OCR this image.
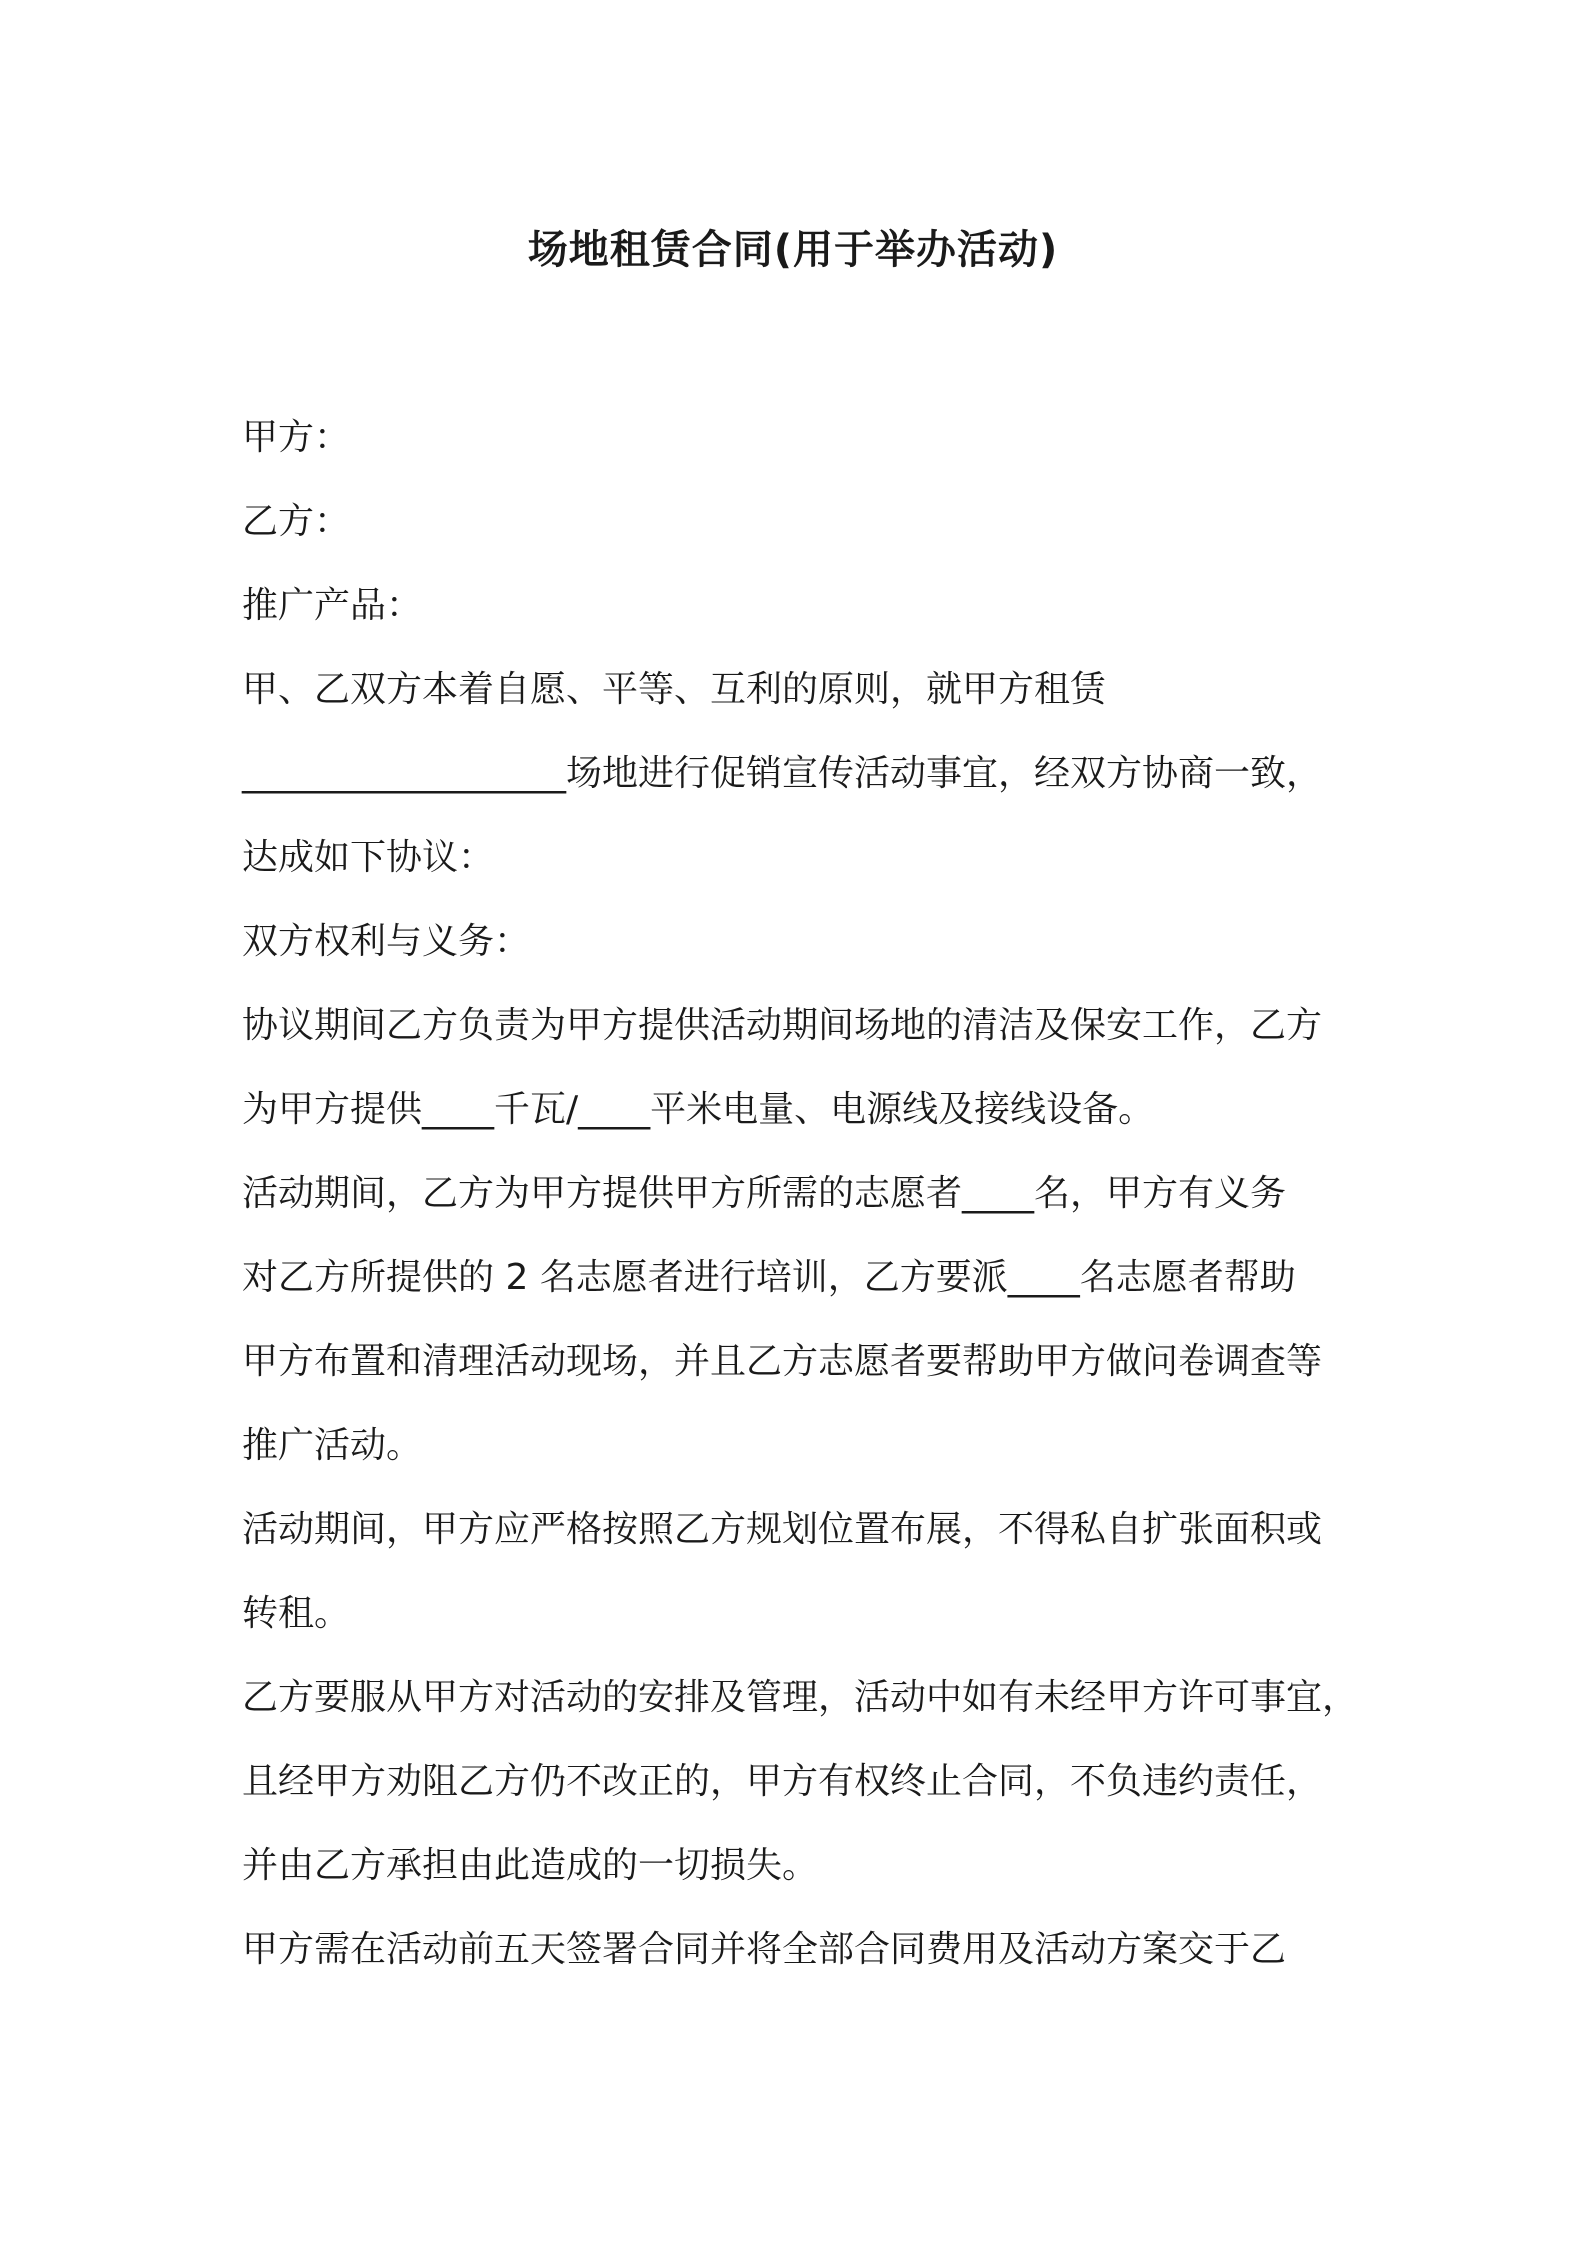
场地租赁合同(用于举办活动)

甲方：

乙方：

推广产品：

甲、乙双方本着自愿、平等、互利的原则，就甲方租赁

__________________场地进行促销宣传活动事宜，经双方协商一致，

达成如下协议：

双方权利与义务：

协议期间乙方负责为甲方提供活动期间场地的清洁及保安工作，乙方

为甲方提供____千瓦/____平米电量、电源线及接线设备。

活动期间，乙方为甲方提供甲方所需的志愿者____名，甲方有义务

对乙方所提供的 2 名志愿者进行培训，乙方要派____名志愿者帮助

甲方布置和清理活动现场，并且乙方志愿者要帮助甲方做问卷调查等

推广活动。

活动期间，甲方应严格按照乙方规划位置布展，不得私自扩张面积或

转租。

乙方要服从甲方对活动的安排及管理，活动中如有未经甲方许可事宜，

且经甲方劝阻乙方仍不改正的，甲方有权终止合同，不负违约责任，

并由乙方承担由此造成的一切损失。

甲方需在活动前五天签署合同并将全部合同费用及活动方案交于乙
